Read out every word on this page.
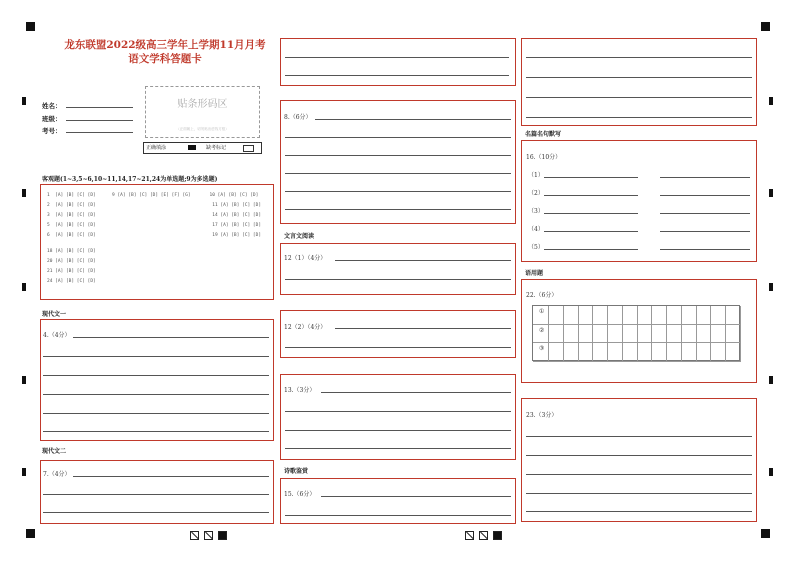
龙东联盟2022级高三学年上学期11月月考
语文学科答题卡
姓名：
班级：
考号：
贴条形码区
（正面朝上，切勿贴出虚线方框）
正确填涂	缺考标记
客观题(1~3,5~6,10~11,14,17~21,24为单选题;9为多选题)
1  [A] [B] [C] [D]      9 [A] [B] [C] [D] [E] [F] [G]       10 [A] [B] [C] [D]
2  [A] [B] [C] [D]                                           11 [A] [B] [C] [D]
3  [A] [B] [C] [D]                                           14 [A] [B] [C] [D]
5  [A] [B] [C] [D]                                           17 [A] [B] [C] [D]
6  [A] [B] [C] [D]                                           19 [A] [B] [C] [D]
18 [A] [B] [C] [D]
20 [A] [B] [C] [D]
21 [A] [B] [C] [D]
24 [A] [B] [C] [D]
现代文一
4.（4分）
现代文二
7.（4分）
8.（6分）
文言文阅读
12（1）（4分）
12（2）（4分）
13.（3分）
诗歌鉴赏
15.（6分）
名篇名句默写
16.（10分）
（1）
（2）
（3）
（4）
（5）
语用题
22.（6分）
①
②
③
23.（3分）
